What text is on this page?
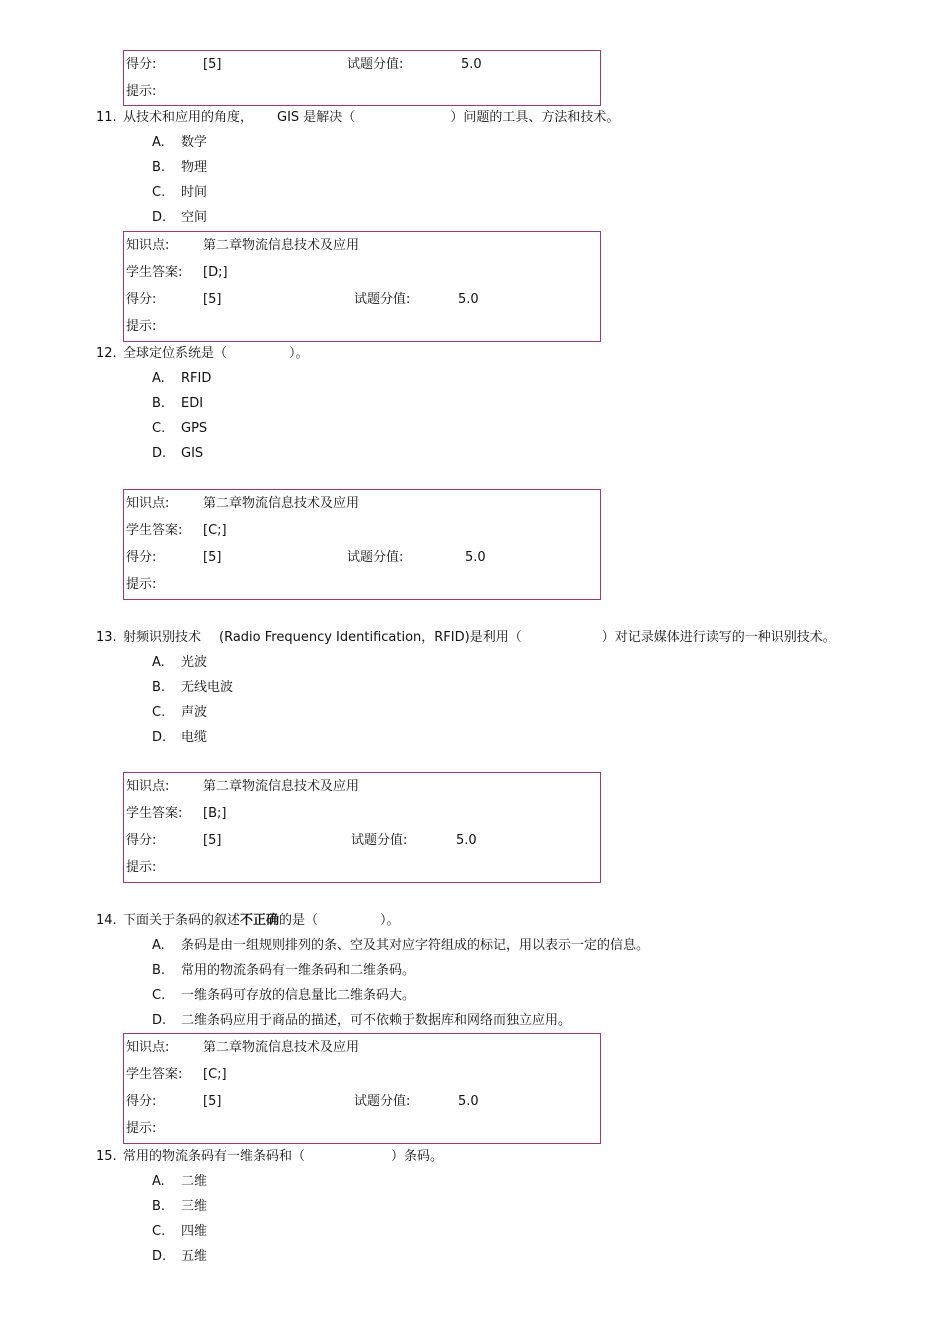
得分:	[5]	试题分值:	5.0
提示:
11. 从技术和应用的角度， GIS 是解决（	）问题的工具、方法和技术。
A. 数学
B. 物理
C. 时间
D. 空间
知识点:	第二章物流信息技术及应用
学生答案: [D;]
得分:	[5]	试题分值:	5.0
提示:
12. 全球定位系统是（	）。
A. RFID
B. EDI
C. GPS
D. GIS
知识点:	第二章物流信息技术及应用
学生答案: [C;]
得分:	[5]	试题分值:	5.0
提示:
13. 射频识别技术 (Radio Frequency Identification，RFID)是利用（	）对记录媒体进行读写的一种识别技术。
A. 光波
B. 无线电波
C. 声波
D. 电缆
知识点:	第二章物流信息技术及应用
学生答案: [B;]
得分:	[5]	试题分值:	5.0
提示:
14. 下面关于条码的叙述不正确的是（	）。
A. 条码是由一组规则排列的条、空及其对应字符组成的标记，用以表示一定的信息。
B. 常用的物流条码有一维条码和二维条码。
C. 一维条码可存放的信息量比二维条码大。
D. 二维条码应用于商品的描述，可不依赖于数据库和网络而独立应用。
知识点:	第二章物流信息技术及应用
学生答案: [C;]
得分:	[5]	试题分值:	5.0
提示:
15. 常用的物流条码有一维条码和（	）条码。
A. 二维
B. 三维
C. 四维
D. 五维
